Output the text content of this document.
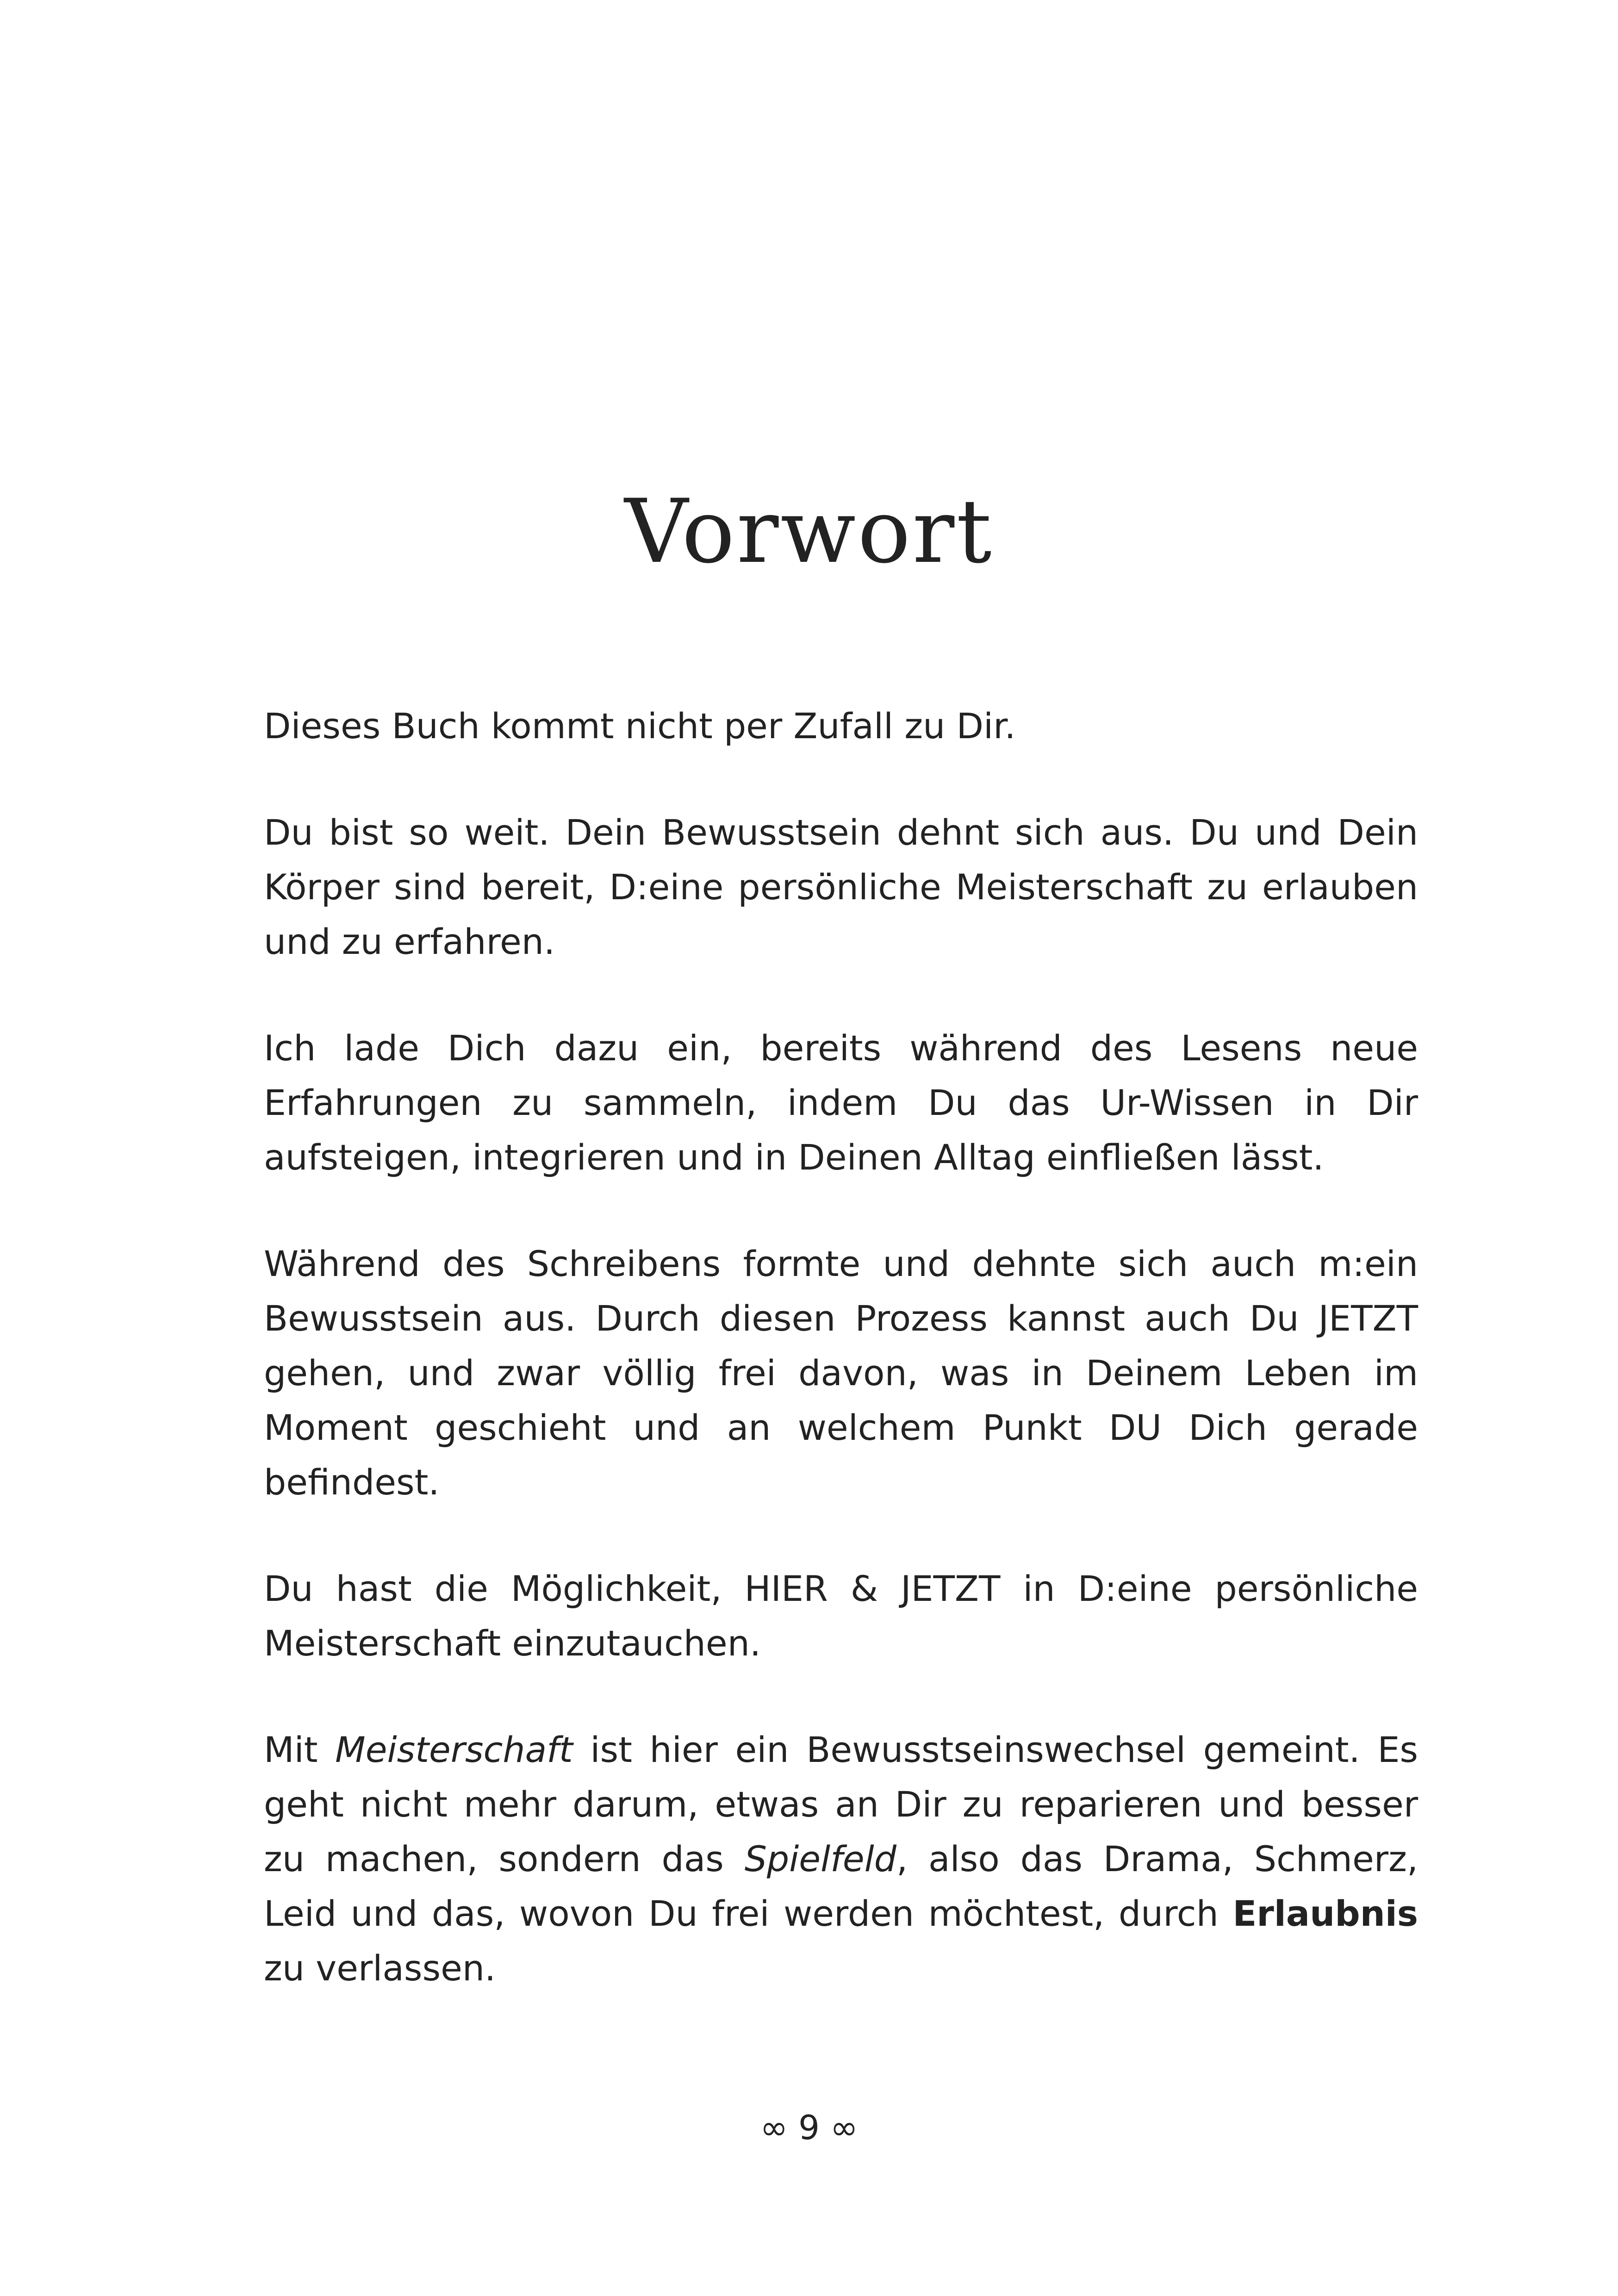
Vorwort

Dieses Buch kommt nicht per Zufall zu Dir.

Du bist so weit. Dein Bewusstsein dehnt sich aus. Du und Dein Körper sind bereit, D:eine persönliche Meisterschaft zu erlauben und zu erfahren.

Ich lade Dich dazu ein, bereits während des Lesens neue Erfahrungen zu sammeln, indem Du das Ur-Wissen in Dir aufsteigen, integrieren und in Deinen Alltag einfließen lässt.

Während des Schreibens formte und dehnte sich auch m:ein Bewusstsein aus. Durch diesen Prozess kannst auch Du JETZT gehen, und zwar völlig frei davon, was in Deinem Leben im Moment geschieht und an welchem Punkt DU Dich gerade befindest.

Du hast die Möglichkeit, HIER & JETZT in D:eine persönliche Meisterschaft einzutauchen.

Mit Meisterschaft ist hier ein Bewusstseinswechsel gemeint. Es geht nicht mehr darum, etwas an Dir zu reparieren und besser zu machen, sondern das Spielfeld, also das Drama, Schmerz, Leid und das, wovon Du frei werden möchtest, durch Erlaubnis zu verlassen.

∞ 9 ∞
